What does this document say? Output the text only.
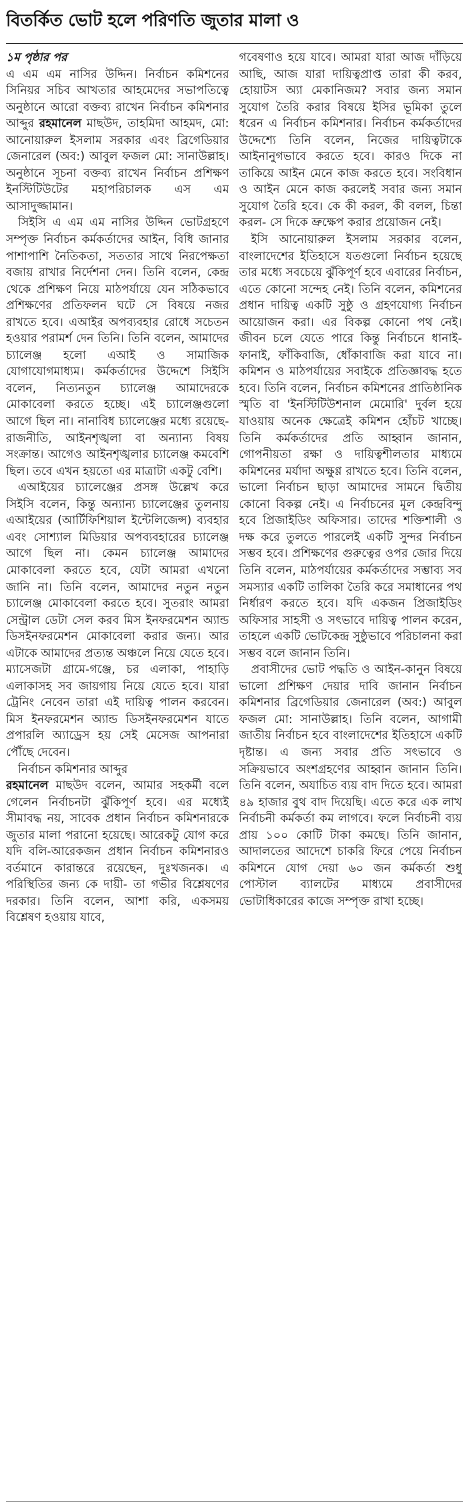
বিতর্কিত ভোট হলে পরিণতি জুতার মালা ও
১ম পৃষ্ঠার পর

এ এম এম নাসির উদ্দিন। নির্বাচন কমিশনের সিনিয়র সচিব আখতার আহমেদের সভাপতিত্বে অনুষ্ঠানে আরো বক্তব্য রাখেন নির্বাচন কমিশনার আব্দুর রহমানেল মাছউদ, তাহমিদা আহমদ, মো: আনোয়ারুল ইসলাম সরকার এবং ব্রিগেডিয়ার জেনারেল (অব:) আবুল ফজল মো: সানাউল্লাহ। অনুষ্ঠানে সূচনা বক্তব্য রাখেন নির্বাচন প্রশিক্ষণ ইনস্টিটিউটের মহাপরিচালক এস এম আসাদুজ্জামান।

সিইসি এ এম এম নাসির উদ্দিন ভোটগ্রহণে সম্পৃক্ত নির্বাচন কর্মকর্তাদের আইন, বিধি জানার পাশাপাশি নৈতিকতা, সততার সাথে নিরপেক্ষতা বজায় রাখার নির্দেশনা দেন। তিনি বলেন, কেন্দ্র থেকে প্রশিক্ষণ নিয়ে মাঠপর্যায়ে যেন সঠিকভাবে প্রশিক্ষণের প্রতিফলন ঘটে সে বিষয়ে নজর রাখতে হবে। এআইর অপব্যবহার রোধে সচেতন হওয়ার পরামর্শ দেন তিনি। তিনি বলেন, আমাদের চ্যালেঞ্জ হলো এআই ও সামাজিক যোগাযোগমাধ্যম। কর্মকর্তাদের উদ্দেশে সিইসি বলেন, নিত্যনতুন চ্যালেঞ্জ আমাদেরকে মোকাবেলা করতে হচ্ছে। এই চ্যালেঞ্জগুলো আগে ছিল না। নানাবিধ চ্যালেঞ্জের মধ্যে রয়েছে- রাজনীতি, আইনশৃঙ্খলা বা অন্যান্য বিষয় সংক্রান্ত। আগেও আইনশৃঙ্খলার চ্যালেঞ্জ কমবেশি ছিল। তবে এখন হয়তো এর মাত্রাটা একটু বেশি।

এআইয়ের চ্যালেঞ্জের প্রসঙ্গ উল্লেখ করে সিইসি বলেন, কিন্তু অন্যান্য চ্যালেঞ্জের তুলনায় এআইয়ের (আর্টিফিশিয়াল ইন্টেলিজেন্স) ব্যবহার এবং সোশ্যাল মিডিয়ার অপব্যবহারের চ্যালেঞ্জ আগে ছিল না। কেমন চ্যালেঞ্জ আমাদের মোকাবেলা করতে হবে, যেটা আমরা এখনো জানি না। তিনি বলেন, আমাদের নতুন নতুন চ্যালেঞ্জ মোকাবেলা করতে হবে। সুতরাং আমরা সেন্ট্রাল ডেটা সেল করব মিস ইনফরমেশন অ্যান্ড ডিসইনফরমেশন মোকাবেলা করার জন্য। আর এটাকে আমাদের প্রত্যন্ত অঞ্চলে নিয়ে যেতে হবে। ম্যাসেজটা গ্রামে-গঞ্জে, চর এলাকা, পাহাড়ি এলাকাসহ সব জায়গায় নিয়ে যেতে হবে। যারা ট্রেনিং নেবেন তারা এই দায়িত্ব পালন করবেন। মিস ইনফরমেশন অ্যান্ড ডিসইনফরমেশন যাতে প্রপারলি অ্যাড্রেস হয় সেই মেসেজ আপনারা পৌঁছে দেবেন।

নির্বাচন কমিশনার আব্দুর
রহমানেল মাছউদ বলেন, আমার সহকর্মী বলে গেলেন নির্বাচনটা ঝুঁকিপূর্ণ হবে। এর মধ্যেই সীমাবদ্ধ নয়, সাবেক প্রধান নির্বাচন কমিশনারকে জুতার মালা পরানো হয়েছে। আরেকটু যোগ করে যদি বলি-আরেকজন প্রধান নির্বাচন কমিশনারও বর্তমানে কারান্তরে রয়েছেন, দুঃখজনক। এ পরিস্থিতির জন্য কে দায়ী- তা গভীর বিশ্লেষণের দরকার। তিনি বলেন, আশা করি, একসময় বিশ্লেষণ হওয়ায় যাবে,

গবেষণাও হয়ে যাবে। আমরা যারা আজ দাঁড়িয়ে আছি, আজ যারা দায়িত্বপ্রাপ্ত তারা কী করব, হোয়াটস অ্যা মেকানিজম? সবার জন্য সমান সুযোগ তৈরি করার বিষয়ে ইসির ভূমিকা তুলে ধরেন এ নির্বাচন কমিশনার। নির্বাচন কর্মকর্তাদের উদ্দেশ্যে তিনি বলেন, নিজের দায়িত্বটাকে আইনানুগভাবে করতে হবে। কারও দিকে না তাকিয়ে আইন মেনে কাজ করতে হবে। সংবিধান ও আইন মেনে কাজ করলেই সবার জন্য সমান সুযোগ তৈরি হবে। কে কী করল, কী বলল, চিন্তা করল- সে দিকে ভ্রুক্ষেপ করার প্রয়োজন নেই।

ইসি আনোয়ারুল ইসলাম সরকার বলেন, বাংলাদেশের ইতিহাসে যতগুলো নির্বাচন হয়েছে তার মধ্যে সবচেয়ে ঝুঁকিপূর্ণ হবে এবারের নির্বাচন, এতে কোনো সন্দেহ নেই। তিনি বলেন, কমিশনের প্রধান দায়িত্ব একটি সুষ্ঠু ও গ্রহণযোগ্য নির্বাচন আয়োজন করা। এর বিকল্প কোনো পথ নেই। জীবন চলে যেতে পারে কিন্তু নির্বাচনে ধানাই-ফানাই, ফাঁকিবাজি, ধোঁকাবাজি করা যাবে না। কমিশন ও মাঠপর্যায়ের সবাইকে প্রতিজ্ঞাবদ্ধ হতে হবে। তিনি বলেন, নির্বাচন কমিশনের প্রাতিষ্ঠানিক স্মৃতি বা 'ইনস্টিটিউশনাল মেমোরি' দুর্বল হয়ে যাওয়ায় অনেক ক্ষেত্রেই কমিশন হোঁচট খাচ্ছে। তিনি কর্মকর্তাদের প্রতি আহ্বান জানান, গোপনীয়তা রক্ষা ও দায়িত্বশীলতার মাধ্যমে কমিশনের মর্যাদা অক্ষুণ্ণ রাখতে হবে। তিনি বলেন, ভালো নির্বাচন ছাড়া আমাদের সামনে দ্বিতীয় কোনো বিকল্প নেই। এ নির্বাচনের মূল কেন্দ্রবিন্দু হবে প্রিজাইডিং অফিসার। তাদের শক্তিশালী ও দক্ষ করে তুলতে পারলেই একটি সুন্দর নির্বাচন সম্ভব হবে। প্রশিক্ষণের গুরুত্বের ওপর জোর দিয়ে তিনি বলেন, মাঠপর্যায়ের কর্মকর্তাদের সম্ভাব্য সব সমস্যার একটি তালিকা তৈরি করে সমাধানের পথ নির্ধারণ করতে হবে। যদি একজন প্রিজাইডিং অফিসার সাহসী ও সৎভাবে দায়িত্ব পালন করেন, তাহলে একটি ভোটকেন্দ্র সুষ্ঠুভাবে পরিচালনা করা সম্ভব বলে জানান তিনি।

প্রবাসীদের ভোট পদ্ধতি ও আইন-কানুন বিষয়ে ভালো প্রশিক্ষণ দেয়ার দাবি জানান নির্বাচন কমিশনার ব্রিগেডিয়ার জেনারেল (অব:) আবুল ফজল মো: সানাউল্লাহ। তিনি বলেন, আগামী জাতীয় নির্বাচন হবে বাংলাদেশের ইতিহাসে একটি দৃষ্টান্ত। এ জন্য সবার প্রতি সৎভাবে ও সক্রিয়ভাবে অংশগ্রহণের আহ্বান জানান তিনি। তিনি বলেন, অযাচিত ব্যয় বাদ দিতে হবে। আমরা ৪৯ হাজার বুথ বাদ দিয়েছি। এতে করে এক লাখ নির্বাচনী কর্মকর্তা কম লাগবে। ফলে নির্বাচনী ব্যয় প্রায় ১০০ কোটি টাকা কমছে। তিনি জানান, আদালতের আদেশে চাকরি ফিরে পেয়ে নির্বাচন কমিশনে যোগ দেয়া ৬০ জন কর্মকর্তা শুধু পোস্টাল ব্যালটের মাধ্যমে প্রবাসীদের ভোটাধিকারের কাজে সম্পৃক্ত রাখা হচ্ছে।
